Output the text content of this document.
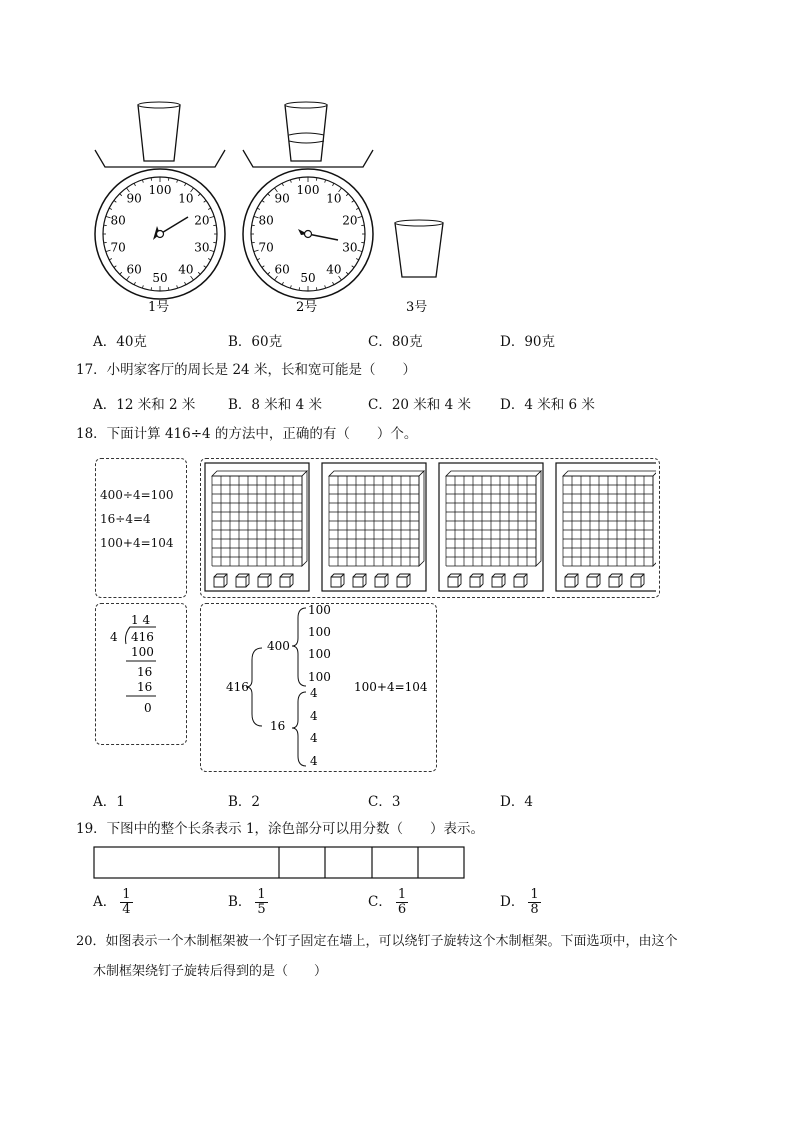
100
10
20
30
40
50
60
70
80
90
100
10
20
30
40
50
60
70
80
90
1号	2号	3号
A．40克	B．60克	C．80克	D．90克
17．小明家客厅的周长是 24 米，长和宽可能是（　　）
A．12 米和 2 米 B．8 米和 4 米	C．20 米和 4 米 D．4 米和 6 米
18．下面计算 416÷4 的方法中，正确的有（　　）个。
400÷4=100
16÷4=4
100+4=104
1 4
4 416
100
16
16
0
416
400
16
100
100
100
100
4
4
4
4
100+4=104
A．1	B．2	C．3	D．4
19．下图中的整个长条表示 1，涂色部分可以用分数（　　）表示。
A． $\frac{1}{4}$	B． $\frac{1}{5}$	C． $\frac{1}{6}$	D． $\frac{1}{8}$
20．如图表示一个木制框架被一个钉子固定在墙上，可以绕钉子旋转这个木制框架。下面选项中，由这个
木制框架绕钉子旋转后得到的是（　　）
